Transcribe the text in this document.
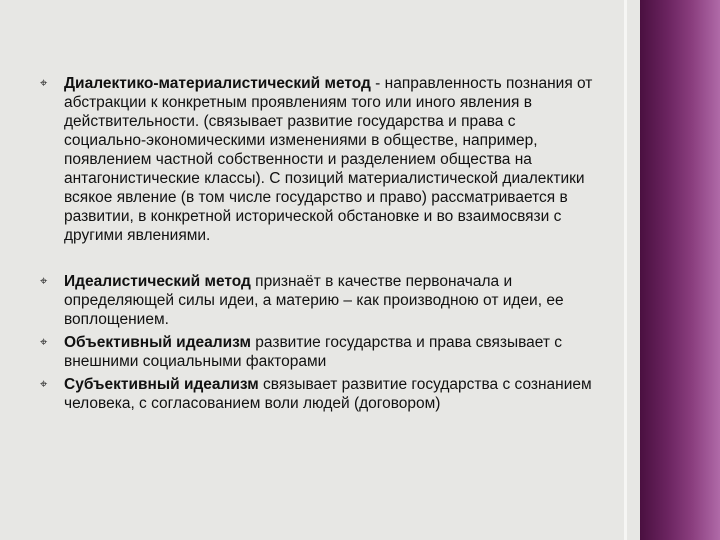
⌖	Диалектико-материалистический метод - направленность познания от абстракции к конкретным проявлениям того или иного явления в действительности. (связывает развитие государства и права с социально-экономическими изменениями в обществе, например, появлением частной собственности и разделением общества на антагонистические классы). С позиций материалистической диалектики всякое явление (в том числе государство и право) рассматривается в развитии, в конкретной исторической обстановке и во взаимосвязи с другими явлениями.
⌖	Идеалистический метод признаёт в качестве первоначала и определяющей силы идеи, а материю – как производною от идеи, ее воплощением.
⌖	Объективный идеализм развитие государства и права связывает с внешними социальными факторами
⌖	Субъективный идеализм связывает развитие государства с сознанием человека, с согласованием воли людей (договором)
